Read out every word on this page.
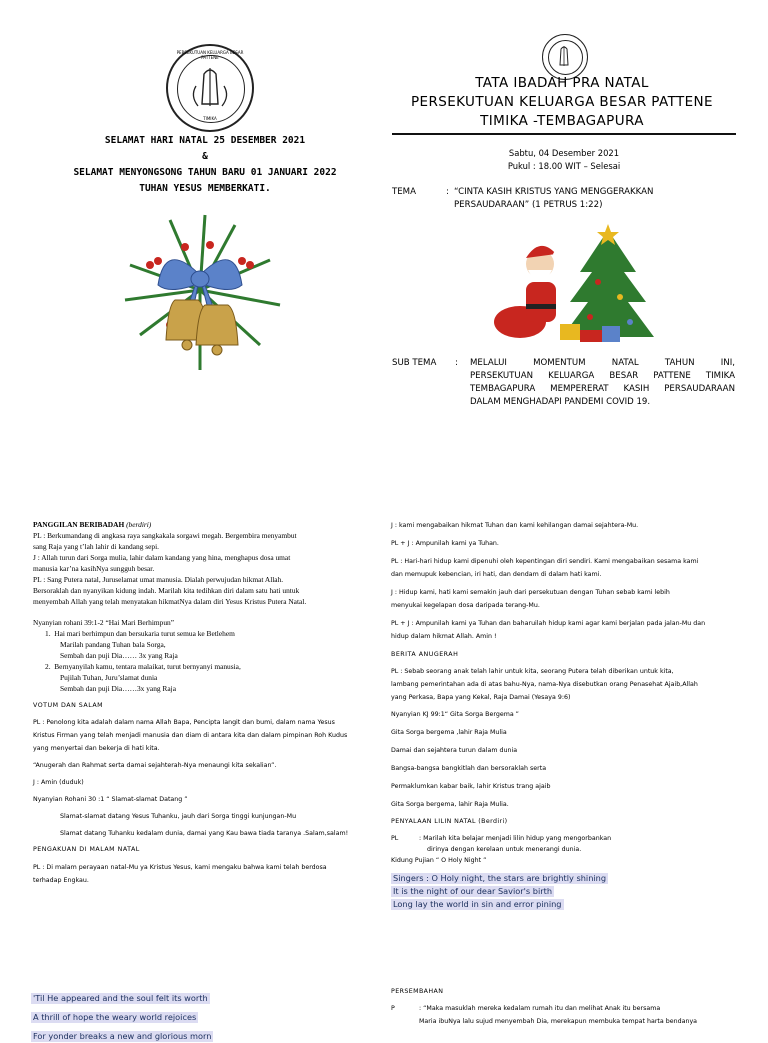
PERSEKUTUAN KELUARGA BESAR PATTENE
TIMIKA
SELAMAT HARI NATAL 25 DESEMBER 2021
&
SELAMAT MENYONGSONG TAHUN BARU 01 JANUARI 2022
TUHAN YESUS MEMBERKATI.
TATA IBADAH PRA NATAL
PERSEKUTUAN KELUARGA BESAR PATTENE
TIMIKA -TEMBAGAPURA
Sabtu, 04 Desember 2021
Pukul : 18.00 WIT – Selesai
TEMA	: “CINTA KASIH KRISTUS YANG MENGGERAKKAN
PERSAUDARAAN” (1 PETRUS 1:22)
SUB TEMA : MELALUI MOMENTUM NATAL TAHUN INI,
PERSEKUTUAN KELUARGA BESAR PATTENE TIMIKA
TEMBAGAPURA MEMPERERAT KASIH PERSAUDARAAN
DALAM MENGHADAPI PANDEMI COVID 19.
PANGGILAN BERIBADAH (berdiri)
PL : Berkumandang di angkasa raya sangkakala sorgawi megah. Bergembira menyambut
sang Raja yang t’lah lahir di kandang sepi.
J : Allah turun dari Sorga mulia, lahir dalam kandang yang hina, menghapus dosa umat
manusia kar’na kasihNya sungguh besar.
PL : Sang Putera natal, Juruselamat umat manusia. Dialah perwujudan hikmat Allah.
Bersoraklah dan nyanyikan kidung indah. Marilah kita tedihkan diri dalam satu hati untuk
menyembah Allah yang telah menyatakan hikmatNya dalam diri Yesus Kristus Putera Natal.
Nyanyian rohani 39:1-2 “Hai Mari Berhimpun”
1.  Hai mari berhimpun dan bersukaria turut semua ke Betlehem
Marilah pandang Tuhan bala Sorga,
Sembah dan puji Dia…… 3x yang Raja
2.  Bernyanyilah kamu, tentara malaikat, turut bernyanyi manusia,
Pujilah Tuhan, Juru’slamat dunia
Sembah dan puji Dia……3x yang Raja
VOTUM DAN SALAM
PL : Penolong kita adalah dalam nama Allah Bapa, Pencipta langit dan bumi, dalam nama Yesus
Kristus Firman yang telah menjadi manusia dan diam di antara kita dan dalam pimpinan Roh Kudus
yang menyertai dan bekerja di hati kita.
“Anugerah dan Rahmat serta damai sejahterah-Nya menaungi kita sekalian”.
J : Amin (duduk)
Nyanyian Rohani 30 :1 “ Slamat-slamat Datang ”
Slamat-slamat datang Yesus Tuhanku, jauh dari Sorga tinggi kunjungan-Mu
Slamat datang Tuhanku kedalam dunia, damai yang Kau bawa tiada taranya .Salam,salam!
PENGAKUAN DI MALAM NATAL
PL : Di malam perayaan natal-Mu ya Kristus Yesus, kami mengaku bahwa kami telah berdosa
terhadap Engkau.
J : kami mengabaikan hikmat Tuhan dan kami kehilangan damai sejahtera-Mu.
PL + J : Ampunilah kami ya Tuhan.
PL : Hari-hari hidup kami dipenuhi oleh kepentingan diri sendiri. Kami mengabaikan sesama kami
dan memupuk kebencian, iri hati, dan dendam di dalam hati kami.
J : Hidup kami, hati kami semakin jauh dari persekutuan dengan Tuhan sebab kami lebih
menyukai kegelapan dosa daripada terang-Mu.
PL + J : Ampunilah kami ya Tuhan dan baharuilah hidup kami agar kami berjalan pada jalan-Mu dan
hidup dalam hikmat Allah. Amin !
BERITA ANUGERAH
PL : Sebab seorang anak telah lahir untuk kita, seorang Putera telah diberikan untuk kita,
lambang pemerintahan ada di atas bahu-Nya, nama-Nya disebutkan orang Penasehat Ajaib,Allah
yang Perkasa, Bapa yang Kekal, Raja Damai (Yesaya 9:6)
Nyanyian KJ 99:1“ Gita Sorga Bergema ”
Gita Sorga bergema ,lahir Raja Mulia
Damai dan sejahtera turun dalam dunia
Bangsa-bangsa bangkitlah dan bersoraklah serta
Permaklumkan kabar baik, lahir Kristus trang ajaib
Gita Sorga bergema, lahir Raja Mulia.
PENYALAAN LILIN NATAL (Berdiri)
PL	: Marilah kita belajar menjadi lilin hidup yang mengorbankan
dirinya dengan kerelaan untuk menerangi dunia.
Kidung Pujian “ O Holy Night ”
Singers : O Holy night, the stars are brightly shining
It is the night of our dear Savior's birth
Long lay the world in sin and error pining
'Til He appeared and the soul felt its worth
A thrill of hope the weary world rejoices
For yonder breaks a new and glorious morn
PERSEMBAHAN
P	: “Maka masuklah mereka kedalam rumah itu dan melihat Anak itu bersama
Maria ibuNya lalu sujud menyembah Dia, merekapun membuka tempat harta bendanya
